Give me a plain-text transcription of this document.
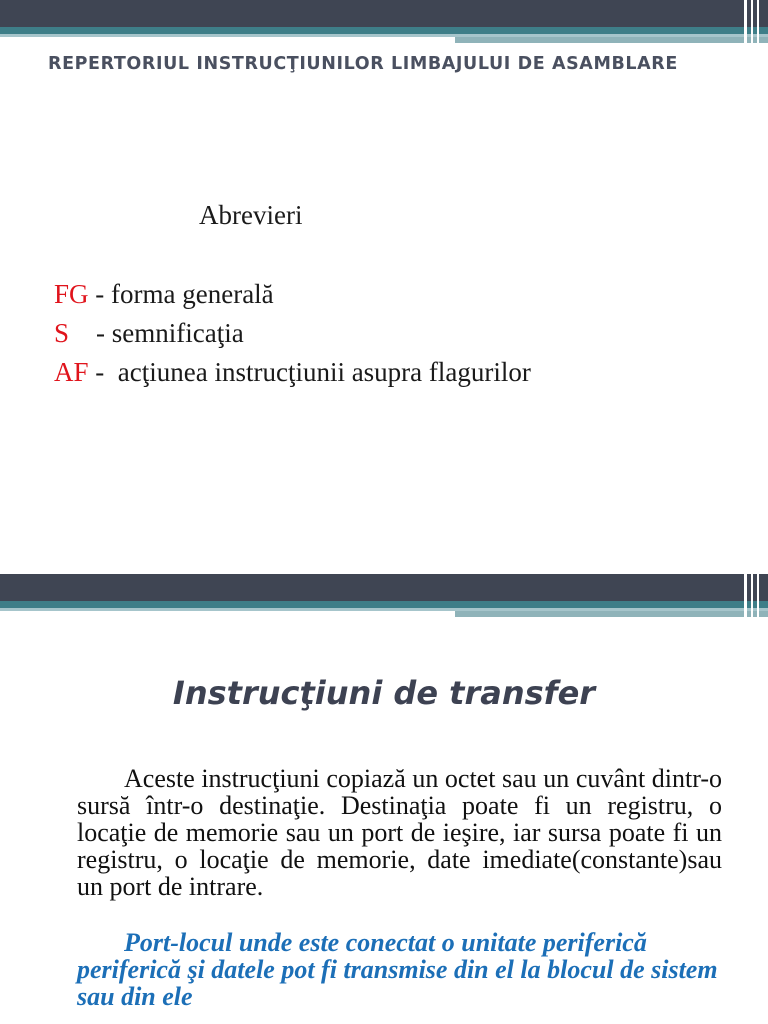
REPERTORIUL INSTRUCŢIUNILOR LIMBAJULUI DE ASAMBLARE
Abrevieri
FG - forma generală
S    - semnificaţia
AF -  acţiunea instrucţiunii asupra flagurilor
Instrucţiuni de transfer

Aceste instrucţiuni copiază un octet sau un cuvânt dintr-o sursă într-o destinaţie. Destinaţia poate fi un registru, o locaţie de memorie sau un port de ieşire, iar sursa poate fi un registru, o locaţie de memorie, date imediate(constante)sau un port de intrare.

Port-locul unde este conectat o unitate periferică periferică şi datele pot fi transmise din el la blocul de sistem sau din ele
